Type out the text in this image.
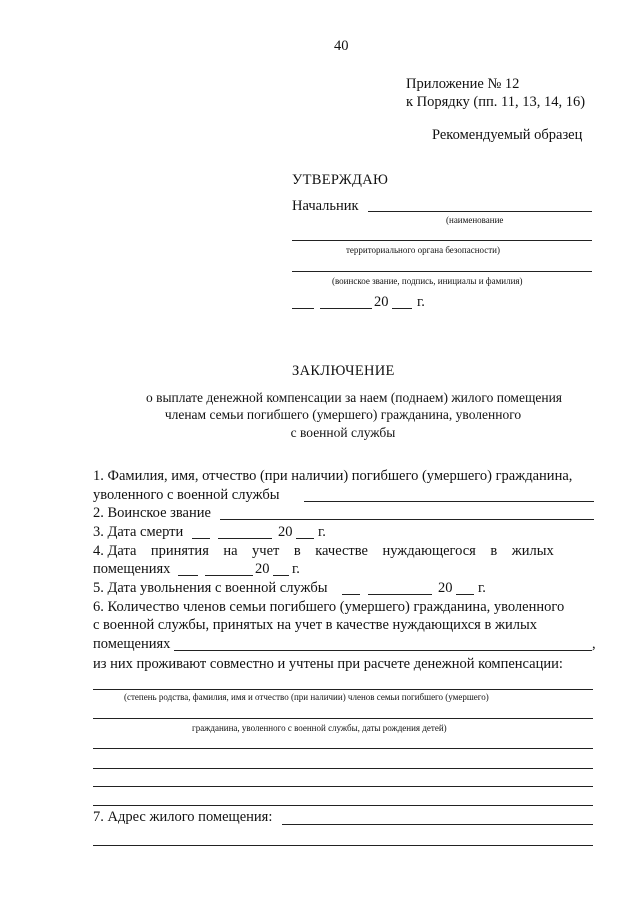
40
Приложение № 12
к Порядку (пп. 11, 13, 14, 16)
Рекомендуемый образец
УТВЕРЖДАЮ
Начальник
(наименование
территориального органа безопасности)
(воинское звание, подпись, инициалы и фамилия)
20 г.
ЗАКЛЮЧЕНИЕ
о выплате денежной компенсации за наем (поднаем) жилого помещения
членам семьи погибшего (умершего) гражданина, уволенного
с военной службы
1. Фамилия, имя, отчество (при наличии) погибшего (умершего) гражданина,
уволенного с военной службы
2. Воинское звание
3. Дата смерти	20 г.
4. Дата    принятия    на    учет    в    качестве    нуждающегося    в    жилых
помещениях	20 г.
5. Дата увольнения с военной службы	20 г.
6. Количество членов семьи погибшего (умершего) гражданина, уволенного
с военной службы, принятых на учет в качестве нуждающихся в жилых
помещениях	,
из них проживают совместно и учтены при расчете денежной компенсации:
(степень родства, фамилия, имя и отчество (при наличии) членов семьи погибшего (умершего)
гражданина, уволенного с военной службы, даты рождения детей)
7. Адрес жилого помещения:
